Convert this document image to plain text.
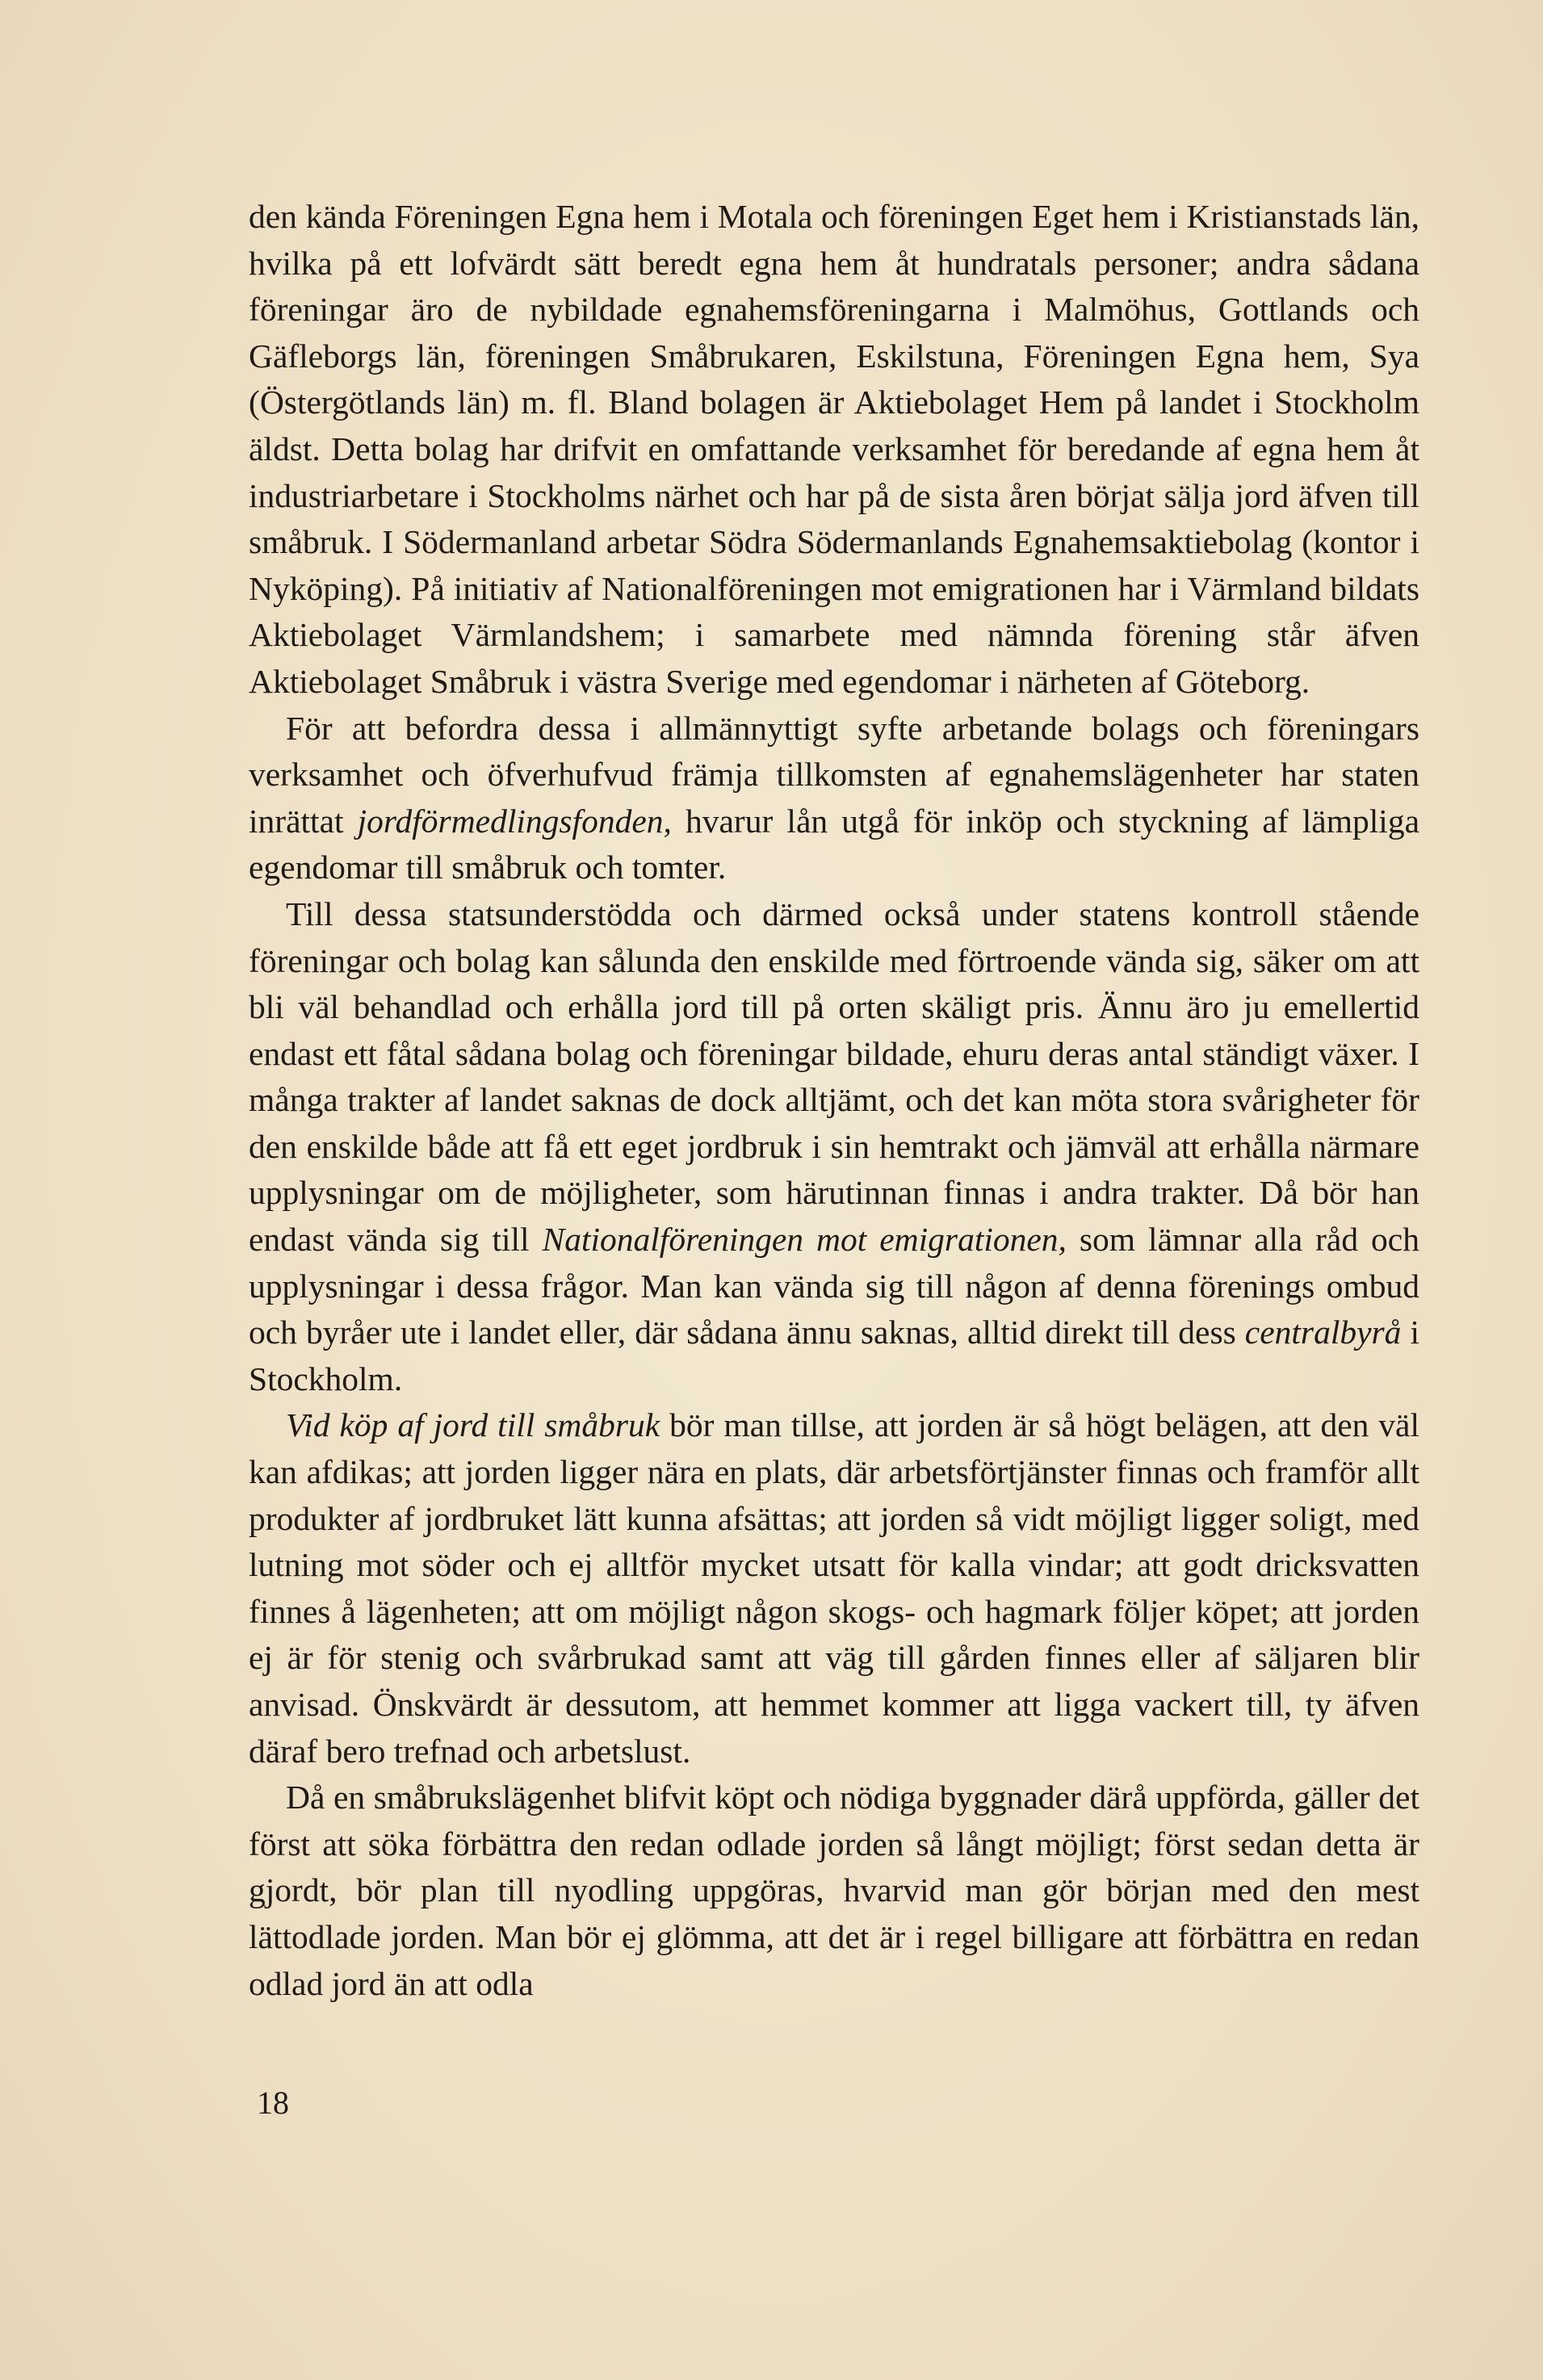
den kända Föreningen Egna hem i Motala och föreningen Eget hem i Kristianstads län, hvilka på ett lofvärdt sätt beredt egna hem åt hundratals personer; andra sådana föreningar äro de nybildade egnahemsföreningarna i Malmöhus, Gottlands och Gäfleborgs län, föreningen Småbrukaren, Eskilstuna, Föreningen Egna hem, Sya (Östergötlands län) m. fl. Bland bolagen är Aktiebolaget Hem på landet i Stockholm äldst. Detta bolag har drifvit en omfattande verksamhet för beredande af egna hem åt industriarbetare i Stockholms närhet och har på de sista åren börjat sälja jord äfven till småbruk. I Södermanland arbetar Södra Södermanlands Egnahemsaktiebolag (kontor i Nyköping). På initiativ af Nationalföreningen mot emigrationen har i Värmland bildats Aktiebolaget Värmlandshem; i samarbete med nämnda förening står äfven Aktiebolaget Småbruk i västra Sverige med egendomar i närheten af Göteborg.

För att befordra dessa i allmännyttigt syfte arbetande bolags och föreningars verksamhet och öfverhufvud främja tillkomsten af egnahemslägenheter har staten inrättat jordförmedlingsfonden, hvarur lån utgå för inköp och styckning af lämpliga egendomar till småbruk och tomter.

Till dessa statsunderstödda och därmed också under statens kontroll stående föreningar och bolag kan sålunda den enskilde med förtroende vända sig, säker om att bli väl behandlad och erhålla jord till på orten skäligt pris. Ännu äro ju emellertid endast ett fåtal sådana bolag och föreningar bildade, ehuru deras antal ständigt växer. I många trakter af landet saknas de dock alltjämt, och det kan möta stora svårigheter för den enskilde både att få ett eget jordbruk i sin hemtrakt och jämväl att erhålla närmare upplysningar om de möjligheter, som härutinnan finnas i andra trakter. Då bör han endast vända sig till Nationalföreningen mot emigrationen, som lämnar alla råd och upplysningar i dessa frågor. Man kan vända sig till någon af denna förenings ombud och byråer ute i landet eller, där sådana ännu saknas, alltid direkt till dess centralbyrå i Stockholm.

Vid köp af jord till småbruk bör man tillse, att jorden är så högt belägen, att den väl kan afdikas; att jorden ligger nära en plats, där arbetsförtjänster finnas och framför allt produkter af jordbruket lätt kunna afsättas; att jorden så vidt möjligt ligger soligt, med lutning mot söder och ej alltför mycket utsatt för kalla vindar; att godt dricksvatten finnes å lägenheten; att om möjligt någon skogs- och hagmark följer köpet; att jorden ej är för stenig och svårbrukad samt att väg till gården finnes eller af säljaren blir anvisad. Önskvärdt är dessutom, att hemmet kommer att ligga vackert till, ty äfven däraf bero trefnad och arbetslust.

Då en småbrukslägenhet blifvit köpt och nödiga byggnader därå uppförda, gäller det först att söka förbättra den redan odlade jorden så långt möjligt; först sedan detta är gjordt, bör plan till nyodling uppgöras, hvarvid man gör början med den mest lättodlade jorden. Man bör ej glömma, att det är i regel billigare att förbättra en redan odlad jord än att odla

18
